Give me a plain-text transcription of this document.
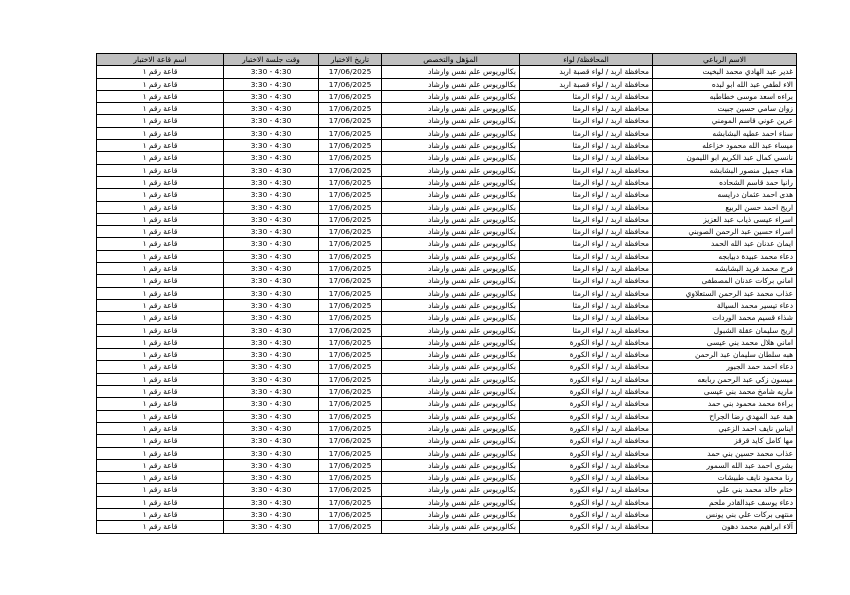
الاسم الرباعي	المحافظة/ لواء	المؤهل والتخصص	تاريخ الاختبار	وقت جلسة الاختبار	اسم قاعة الاختبار
غدير عبد الهادي محمد البخيت	محافظة اربد / لواء قصبة اربد	بكالوريوس علم نفس وارشاد	17/06/2025	3:30 - 4:30	قاعة رقم ١
الاء لطفي عبد الله ابو لبده	محافظة اربد / لواء قصبة اربد	بكالوريوس علم نفس وارشاد	17/06/2025	3:30 - 4:30	قاعة رقم ١
براءه اسعد موسى خطاطبه	محافظة اربد / لواء الرمثا	بكالوريوس علم نفس وارشاد	17/06/2025	3:30 - 4:30	قاعة رقم ١
زوان سامي حسين جبيت	محافظة اربد / لواء الرمثا	بكالوريوس علم نفس وارشاد	17/06/2025	3:30 - 4:30	قاعة رقم ١
عرين عوني قاسم المومني	محافظة اربد / لواء الرمثا	بكالوريوس علم نفس وارشاد	17/06/2025	3:30 - 4:30	قاعة رقم ١
سناء احمد عطيه البشابشه	محافظة اربد / لواء الرمثا	بكالوريوس علم نفس وارشاد	17/06/2025	3:30 - 4:30	قاعة رقم ١
ميساء عبد الله محمود خزاعله	محافظة اربد / لواء الرمثا	بكالوريوس علم نفس وارشاد	17/06/2025	3:30 - 4:30	قاعة رقم ١
نانسي كمال عبد الكريم ابو الليمون	محافظة اربد / لواء الرمثا	بكالوريوس علم نفس وارشاد	17/06/2025	3:30 - 4:30	قاعة رقم ١
هناء جميل منصور البشابشه	محافظة اربد / لواء الرمثا	بكالوريوس علم نفس وارشاد	17/06/2025	3:30 - 4:30	قاعة رقم ١
رانيا حمد قاسم الشحاده	محافظة اربد / لواء الرمثا	بكالوريوس علم نفس وارشاد	17/06/2025	3:30 - 4:30	قاعة رقم ١
هدى احمد عثمان درايسه	محافظة اربد / لواء الرمثا	بكالوريوس علم نفس وارشاد	17/06/2025	3:30 - 4:30	قاعة رقم ١
اريج احمد حسن الربيع	محافظة اربد / لواء الرمثا	بكالوريوس علم نفس وارشاد	17/06/2025	3:30 - 4:30	قاعة رقم ١
اسراء عيسى ذياب عبد العزيز	محافظة اربد / لواء الرمثا	بكالوريوس علم نفس وارشاد	17/06/2025	3:30 - 4:30	قاعة رقم ١
اسراء حسين عبد الرحمن الصوبني	محافظة اربد / لواء الرمثا	بكالوريوس علم نفس وارشاد	17/06/2025	3:30 - 4:30	قاعة رقم ١
ايمان عدنان عبد الله الحمد	محافظة اربد / لواء الرمثا	بكالوريوس علم نفس وارشاد	17/06/2025	3:30 - 4:30	قاعة رقم ١
دعاء محمد عبيدة دبيابجه	محافظة اربد / لواء الرمثا	بكالوريوس علم نفس وارشاد	17/06/2025	3:30 - 4:30	قاعة رقم ١
فرح محمد فريد البشابشه	محافظة اربد / لواء الرمثا	بكالوريوس علم نفس وارشاد	17/06/2025	3:30 - 4:30	قاعة رقم ١
اماني بركات عدنان المصطفى	محافظة اربد / لواء الرمثا	بكالوريوس علم نفس وارشاد	17/06/2025	3:30 - 4:30	قاعة رقم ١
عذاب محمد عبد الرحمن الستعلاوي	محافظة اربد / لواء الرمثا	بكالوريوس علم نفس وارشاد	17/06/2025	3:30 - 4:30	قاعة رقم ١
دعاء تيسير محمد السيالة	محافظة اربد / لواء الرمثا	بكالوريوس علم نفس وارشاد	17/06/2025	3:30 - 4:30	قاعة رقم ١
شذاء قسيم محمد الوردات	محافظة اربد / لواء الرمثا	بكالوريوس علم نفس وارشاد	17/06/2025	3:30 - 4:30	قاعة رقم ١
اريج سليمان عقلة الشبول	محافظة اربد / لواء الرمثا	بكالوريوس علم نفس وارشاد	17/06/2025	3:30 - 4:30	قاعة رقم ١
اماني هلال محمد بني عيسى	محافظة اربد / لواء الكورة	بكالوريوس علم نفس وارشاد	17/06/2025	3:30 - 4:30	قاعة رقم ١
هبه سلطان سليمان عبد الرحمن	محافظة اربد / لواء الكورة	بكالوريوس علم نفس وارشاد	17/06/2025	3:30 - 4:30	قاعة رقم ١
دعاء احمد حمد الجبور	محافظة اربد / لواء الكورة	بكالوريوس علم نفس وارشاد	17/06/2025	3:30 - 4:30	قاعة رقم ١
ميسون زكي عبد الرحمن ربابعه	محافظة اربد / لواء الكورة	بكالوريوس علم نفس وارشاد	17/06/2025	3:30 - 4:30	قاعة رقم ١
ماريه شامخ محمد بني عيسى	محافظة اربد / لواء الكورة	بكالوريوس علم نفس وارشاد	17/06/2025	3:30 - 4:30	قاعة رقم ١
براءة محمد محمود بني حمد	محافظة اربد / لواء الكورة	بكالوريوس علم نفس وارشاد	17/06/2025	3:30 - 4:30	قاعة رقم ١
هبة عبد المهدي رضا الجراح	محافظة اربد / لواء الكورة	بكالوريوس علم نفس وارشاد	17/06/2025	3:30 - 4:30	قاعة رقم ١
ايناس نايف احمد الزعبي	محافظة اربد / لواء الكورة	بكالوريوس علم نفس وارشاد	17/06/2025	3:30 - 4:30	قاعة رقم ١
مها كامل كايد قرقز	محافظة اربد / لواء الكورة	بكالوريوس علم نفس وارشاد	17/06/2025	3:30 - 4:30	قاعة رقم ١
عذاب محمد حسين بني حمد	محافظة اربد / لواء الكورة	بكالوريوس علم نفس وارشاد	17/06/2025	3:30 - 4:30	قاعة رقم ١
بشرى احمد عبد الله السمور	محافظة اربد / لواء الكورة	بكالوريوس علم نفس وارشاد	17/06/2025	3:30 - 4:30	قاعة رقم ١
رنا محمود نايف طبيشات	محافظة اربد / لواء الكورة	بكالوريوس علم نفس وارشاد	17/06/2025	3:30 - 4:30	قاعة رقم ١
ختام خالد محمد بني علي	محافظة اربد / لواء الكورة	بكالوريوس علم نفس وارشاد	17/06/2025	3:30 - 4:30	قاعة رقم ١
دعاء يوسف عبدالقادر ملحم	محافظة اربد / لواء الكورة	بكالوريوس علم نفس وارشاد	17/06/2025	3:30 - 4:30	قاعة رقم ١
منتهى بركات علي بني يونس	محافظة اربد / لواء الكورة	بكالوريوس علم نفس وارشاد	17/06/2025	3:30 - 4:30	قاعة رقم ١
آلاء ابراهيم محمد دهون	محافظة اربد / لواء الكورة	بكالوريوس علم نفس وارشاد	17/06/2025	3:30 - 4:30	قاعة رقم ١
